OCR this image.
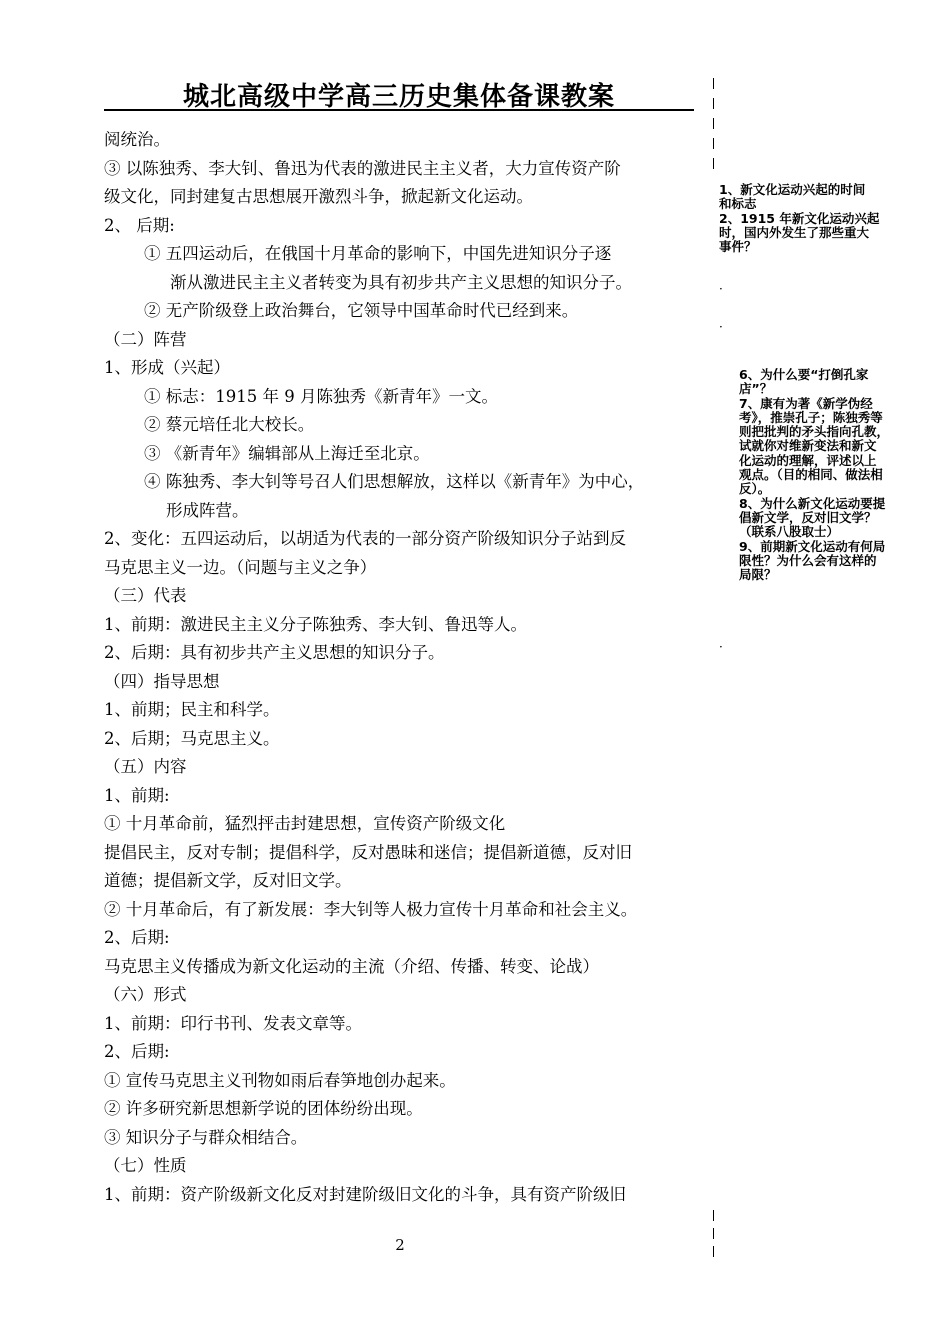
城北高级中学高三历史集体备课教案
阅统治。
③ 以陈独秀、李大钊、鲁迅为代表的激进民主主义者，大力宣传资产阶
级文化，同封建复古思想展开激烈斗争，掀起新文化运动。
2、 后期:
① 五四运动后，在俄国十月革命的影响下，中国先进知识分子逐
渐从激进民主主义者转变为具有初步共产主义思想的知识分子。
② 无产阶级登上政治舞台，它领导中国革命时代已经到来。
（二）阵营
1、形成（兴起）
① 标志：1915 年 9 月陈独秀《新青年》一文。
② 蔡元培任北大校长。
③ 《新青年》编辑部从上海迁至北京。
④ 陈独秀、李大钊等号召人们思想解放，这样以《新青年》为中心，
形成阵营。
2、变化：五四运动后，以胡适为代表的一部分资产阶级知识分子站到反
马克思主义一边。（问题与主义之争）
（三）代表
1、前期：激进民主主义分子陈独秀、李大钊、鲁迅等人。
2、后期：具有初步共产主义思想的知识分子。
（四）指导思想
1、前期；民主和科学。
2、后期；马克思主义。
（五）内容
1、前期:
① 十月革命前，猛烈抨击封建思想，宣传资产阶级文化
提倡民主，反对专制；提倡科学，反对愚昧和迷信；提倡新道德，反对旧
道德；提倡新文学，反对旧文学。
② 十月革命后，有了新发展：李大钊等人极力宣传十月革命和社会主义。
2、后期:
马克思主义传播成为新文化运动的主流（介绍、传播、转变、论战）
（六）形式
1、前期：印行书刊、发表文章等。
2、后期:
① 宣传马克思主义刊物如雨后春笋地创办起来。
② 许多研究新思想新学说的团体纷纷出现。
③ 知识分子与群众相结合。
（七）性质
1、前期：资产阶级新文化反对封建阶级旧文化的斗争，具有资产阶级旧
1、新文化运动兴起的时间
和标志
2、1915 年新文化运动兴起
时，国内外发生了那些重大
事件？
·
·
·
6、为什么要“打倒孔家
店”？
7、康有为著《新学伪经
考》，推崇孔子；陈独秀等
则把批判的矛头指向孔教，
试就你对维新变法和新文
化运动的理解，评述以上
观点。（目的相同、做法相
反）。
8、为什么新文化运动要提
倡新文学，反对旧文学？
（联系八股取士）
9、前期新文化运动有何局
限性？为什么会有这样的
局限？
2
